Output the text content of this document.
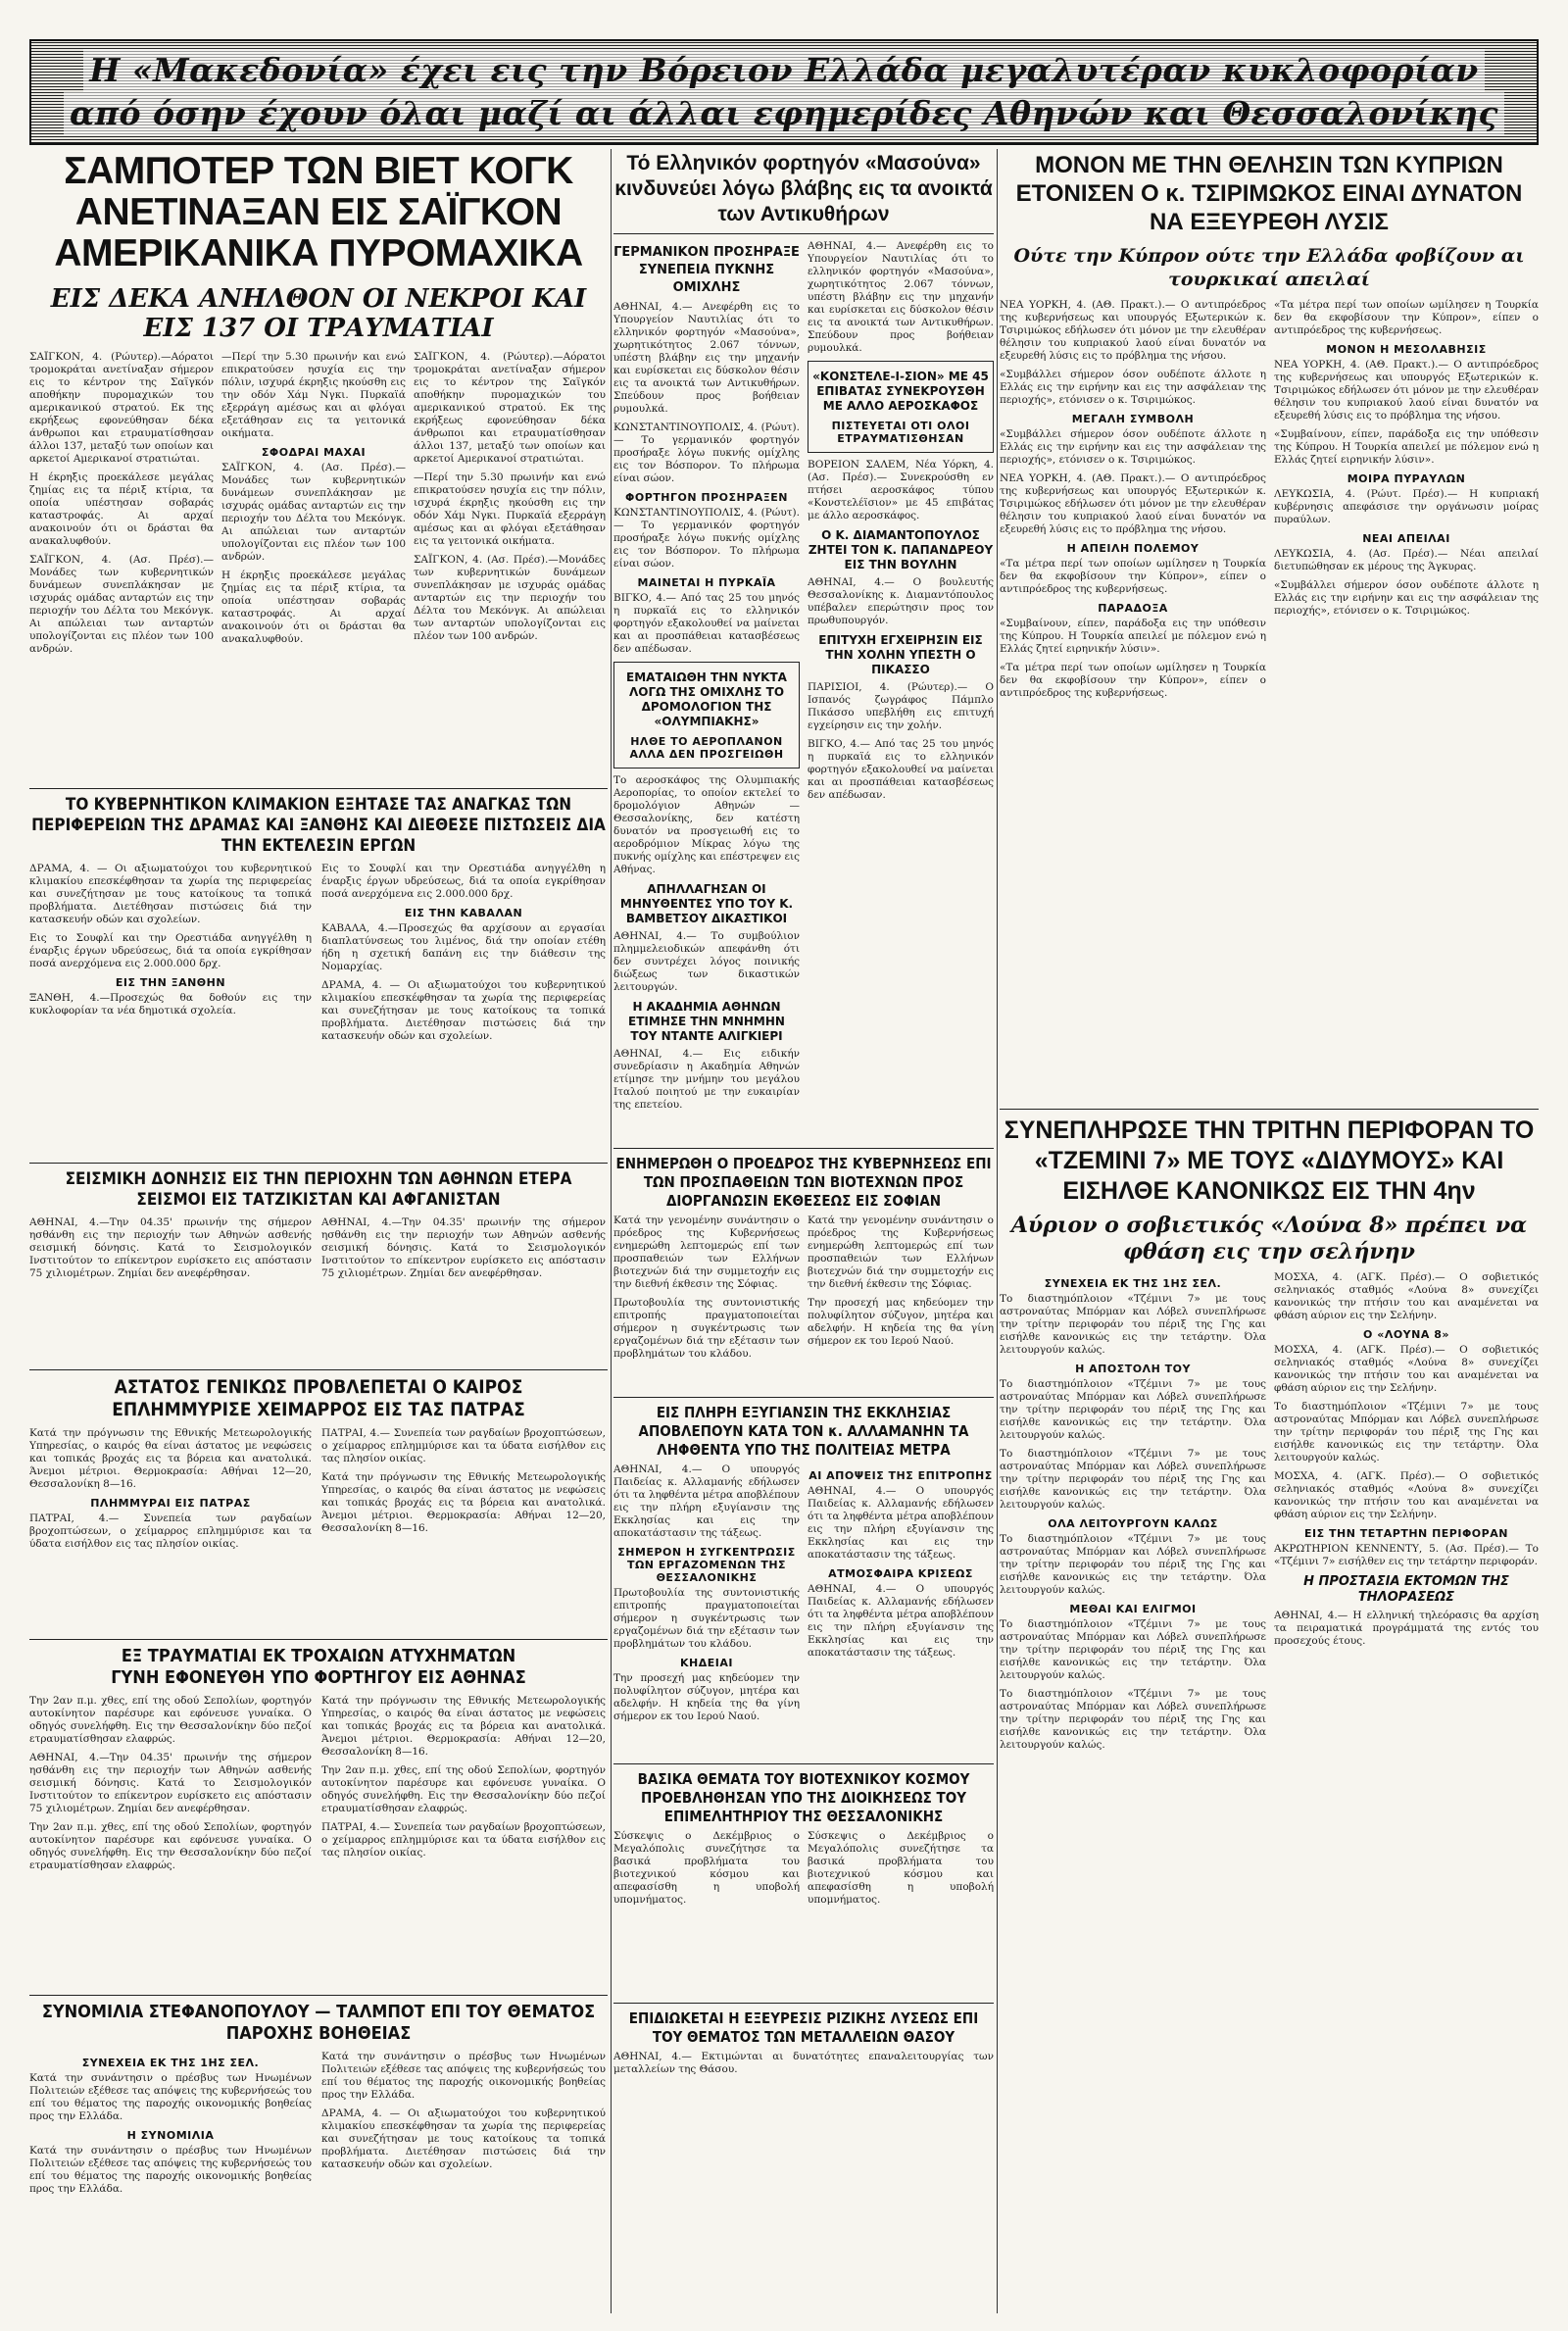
Η «Μακεδονία» έχει εις την Βόρειον Ελλάδα μεγαλυτέραν κυκλοφορίαν
από όσην έχουν όλαι μαζί αι άλλαι εφημερίδες Αθηνών και Θεσσαλονίκης
ΣΑΜΠΟΤΕΡ ΤΩΝ ΒΙΕΤ ΚΟΓΚ ΑΝΕΤΙΝΑΞΑΝ ΕΙΣ ΣΑΪΓΚΟΝ ΑΜΕΡΙΚΑΝΙΚΑ ΠΥΡΟΜΑΧΙΚΑ
ΕΙΣ ΔΕΚΑ ΑΝΗΛΘΟΝ ΟΙ ΝΕΚΡΟΙ ΚΑΙ ΕΙΣ 137 ΟΙ ΤΡΑΥΜΑΤΙΑΙ

ΣΑΪΓΚΟΝ, 4. (Ρώυτερ).—Αόρατοι τρομοκράται ανετίναξαν σήμερον εις το κέντρον της Σαϊγκόν αποθήκην πυρομαχικών του αμερικανικού στρατού. Εκ της εκρήξεως εφονεύθησαν δέκα άνθρωποι και ετραυματίσθησαν άλλοι 137, μεταξύ των οποίων και αρκετοί Αμερικανοί στρατιώται.

Η έκρηξις προεκάλεσε μεγάλας ζημίας εις τα πέριξ κτίρια, τα οποία υπέστησαν σοβαράς καταστροφάς. Αι αρχαί ανακοινούν ότι οι δράσται θα ανακαλυφθούν.

ΣΑΪΓΚΟΝ, 4. (Ασ. Πρέσ).—Μονάδες των κυβερνητικών δυνάμεων συνεπλάκησαν με ισχυράς ομάδας ανταρτών εις την περιοχήν του Δέλτα του Μεκόνγκ. Αι απώλειαι των ανταρτών υπολογίζονται εις πλέον των 100 ανδρών.

—Περί την 5.30 πρωινήν και ενώ επικρατούσεν ησυχία εις την πόλιν, ισχυρά έκρηξις ηκούσθη εις την οδόν Χάμ Νγκι. Πυρκαϊά εξερράγη αμέσως και αι φλόγαι εξετάθησαν εις τα γειτονικά οικήματα.

ΣΦΟΔΡΑΙ ΜΑΧΑΙ

ΣΑΪΓΚΟΝ, 4. (Ασ. Πρέσ).—Μονάδες των κυβερνητικών δυνάμεων συνεπλάκησαν με ισχυράς ομάδας ανταρτών εις την περιοχήν του Δέλτα του Μεκόνγκ. Αι απώλειαι των ανταρτών υπολογίζονται εις πλέον των 100 ανδρών.

Η έκρηξις προεκάλεσε μεγάλας ζημίας εις τα πέριξ κτίρια, τα οποία υπέστησαν σοβαράς καταστροφάς. Αι αρχαί ανακοινούν ότι οι δράσται θα ανακαλυφθούν.

ΣΑΪΓΚΟΝ, 4. (Ρώυτερ).—Αόρατοι τρομοκράται ανετίναξαν σήμερον εις το κέντρον της Σαϊγκόν αποθήκην πυρομαχικών του αμερικανικού στρατού. Εκ της εκρήξεως εφονεύθησαν δέκα άνθρωποι και ετραυματίσθησαν άλλοι 137, μεταξύ των οποίων και αρκετοί Αμερικανοί στρατιώται.

—Περί την 5.30 πρωινήν και ενώ επικρατούσεν ησυχία εις την πόλιν, ισχυρά έκρηξις ηκούσθη εις την οδόν Χάμ Νγκι. Πυρκαϊά εξερράγη αμέσως και αι φλόγαι εξετάθησαν εις τα γειτονικά οικήματα.

ΣΑΪΓΚΟΝ, 4. (Ασ. Πρέσ).—Μονάδες των κυβερνητικών δυνάμεων συνεπλάκησαν με ισχυράς ομάδας ανταρτών εις την περιοχήν του Δέλτα του Μεκόνγκ. Αι απώλειαι των ανταρτών υπολογίζονται εις πλέον των 100 ανδρών.

ΤΟ ΚΥΒΕΡΝΗΤΙΚΟΝ ΚΛΙΜΑΚΙΟΝ ΕΞΗΤΑΣΕ ΤΑΣ ΑΝΑΓΚΑΣ ΤΩΝ ΠΕΡΙΦΕΡΕΙΩΝ ΤΗΣ ΔΡΑΜΑΣ ΚΑΙ ΞΑΝΘΗΣ ΚΑΙ ΔΙΕΘΕΣΕ ΠΙΣΤΩΣΕΙΣ ΔΙΑ ΤΗΝ ΕΚΤΕΛΕΣΙΝ ΕΡΓΩΝ

ΔΡΑΜΑ, 4. — Οι αξιωματούχοι του κυβερνητικού κλιμακίου επεσκέφθησαν τα χωρία της περιφερείας και συνεζήτησαν με τους κατοίκους τα τοπικά προβλήματα. Διετέθησαν πιστώσεις διά την κατασκευήν οδών και σχολείων.

Εις το Σουφλί και την Ορεστιάδα ανηγγέλθη η έναρξις έργων υδρεύσεως, διά τα οποία εγκρίθησαν ποσά ανερχόμενα εις 2.000.000 δρχ.

ΕΙΣ ΤΗΝ ΞΑΝΘΗΝ

ΞΑΝΘΗ, 4.—Προσεχώς θα δοθούν εις την κυκλοφορίαν τα νέα δημοτικά σχολεία.

Εις το Σουφλί και την Ορεστιάδα ανηγγέλθη η έναρξις έργων υδρεύσεως, διά τα οποία εγκρίθησαν ποσά ανερχόμενα εις 2.000.000 δρχ.

ΕΙΣ ΤΗΝ ΚΑΒΑΛΑΝ

ΚΑΒΑΛΑ, 4.—Προσεχώς θα αρχίσουν αι εργασίαι διαπλατύνσεως του λιμένος, διά την οποίαν ετέθη ήδη η σχετική δαπάνη εις την διάθεσιν της Νομαρχίας.

ΔΡΑΜΑ, 4. — Οι αξιωματούχοι του κυβερνητικού κλιμακίου επεσκέφθησαν τα χωρία της περιφερείας και συνεζήτησαν με τους κατοίκους τα τοπικά προβλήματα. Διετέθησαν πιστώσεις διά την κατασκευήν οδών και σχολείων.

ΣΕΙΣΜΙΚΗ ΔΟΝΗΣΙΣ ΕΙΣ ΤΗΝ ΠΕΡΙΟΧΗΝ ΤΩΝ ΑΘΗΝΩΝ ΕΤΕΡΑ ΣΕΙΣΜΟΙ ΕΙΣ ΤΑΤΖΙΚΙΣΤΑΝ ΚΑΙ ΑΦΓΑΝΙΣΤΑΝ

ΑΘΗΝΑΙ, 4.—Την 04.35' πρωινήν της σήμερον ησθάνθη εις την περιοχήν των Αθηνών ασθενής σεισμική δόνησις. Κατά το Σεισμολογικόν Ινστιτούτον το επίκεντρον ευρίσκετο εις απόστασιν 75 χιλιομέτρων. Ζημίαι δεν ανεφέρθησαν.

ΑΘΗΝΑΙ, 4.—Την 04.35' πρωινήν της σήμερον ησθάνθη εις την περιοχήν των Αθηνών ασθενής σεισμική δόνησις. Κατά το Σεισμολογικόν Ινστιτούτον το επίκεντρον ευρίσκετο εις απόστασιν 75 χιλιομέτρων. Ζημίαι δεν ανεφέρθησαν.

ΑΣΤΑΤΟΣ ΓΕΝΙΚΩΣ ΠΡΟΒΛΕΠΕΤΑΙ Ο ΚΑΙΡΟΣ
ΕΠΛΗΜΜΥΡΙΣΕ ΧΕΙΜΑΡΡΟΣ ΕΙΣ ΤΑΣ ΠΑΤΡΑΣ

Κατά την πρόγνωσιν της Εθνικής Μετεωρολογικής Υπηρεσίας, ο καιρός θα είναι άστατος με νεφώσεις και τοπικάς βροχάς εις τα βόρεια και ανατολικά. Άνεμοι μέτριοι. Θερμοκρασία: Αθήναι 12—20, Θεσσαλονίκη 8—16.

ΠΛΗΜΜΥΡΑΙ ΕΙΣ ΠΑΤΡΑΣ

ΠΑΤΡΑΙ, 4.— Συνεπεία των ραγδαίων βροχοπτώσεων, ο χείμαρρος επλημμύρισε και τα ύδατα εισήλθον εις τας πλησίον οικίας.

ΠΑΤΡΑΙ, 4.— Συνεπεία των ραγδαίων βροχοπτώσεων, ο χείμαρρος επλημμύρισε και τα ύδατα εισήλθον εις τας πλησίον οικίας.

Κατά την πρόγνωσιν της Εθνικής Μετεωρολογικής Υπηρεσίας, ο καιρός θα είναι άστατος με νεφώσεις και τοπικάς βροχάς εις τα βόρεια και ανατολικά. Άνεμοι μέτριοι. Θερμοκρασία: Αθήναι 12—20, Θεσσαλονίκη 8—16.

ΕΞ ΤΡΑΥΜΑΤΙΑΙ ΕΚ ΤΡΟΧΑΙΩΝ ΑΤΥΧΗΜΑΤΩΝ
ΓΥΝΗ ΕΦΟΝΕΥΘΗ ΥΠΟ ΦΟΡΤΗΓΟΥ ΕΙΣ ΑΘΗΝΑΣ

Την 2αν π.μ. χθες, επί της οδού Σεπολίων, φορτηγόν αυτοκίνητον παρέσυρε και εφόνευσε γυναίκα. Ο οδηγός συνελήφθη. Εις την Θεσσαλονίκην δύο πεζοί ετραυματίσθησαν ελαφρώς.

ΑΘΗΝΑΙ, 4.—Την 04.35' πρωινήν της σήμερον ησθάνθη εις την περιοχήν των Αθηνών ασθενής σεισμική δόνησις. Κατά το Σεισμολογικόν Ινστιτούτον το επίκεντρον ευρίσκετο εις απόστασιν 75 χιλιομέτρων. Ζημίαι δεν ανεφέρθησαν.

Την 2αν π.μ. χθες, επί της οδού Σεπολίων, φορτηγόν αυτοκίνητον παρέσυρε και εφόνευσε γυναίκα. Ο οδηγός συνελήφθη. Εις την Θεσσαλονίκην δύο πεζοί ετραυματίσθησαν ελαφρώς.

Κατά την πρόγνωσιν της Εθνικής Μετεωρολογικής Υπηρεσίας, ο καιρός θα είναι άστατος με νεφώσεις και τοπικάς βροχάς εις τα βόρεια και ανατολικά. Άνεμοι μέτριοι. Θερμοκρασία: Αθήναι 12—20, Θεσσαλονίκη 8—16.

Την 2αν π.μ. χθες, επί της οδού Σεπολίων, φορτηγόν αυτοκίνητον παρέσυρε και εφόνευσε γυναίκα. Ο οδηγός συνελήφθη. Εις την Θεσσαλονίκην δύο πεζοί ετραυματίσθησαν ελαφρώς.

ΠΑΤΡΑΙ, 4.— Συνεπεία των ραγδαίων βροχοπτώσεων, ο χείμαρρος επλημμύρισε και τα ύδατα εισήλθον εις τας πλησίον οικίας.

ΣΥΝΟΜΙΛΙΑ ΣΤΕΦΑΝΟΠΟΥΛΟΥ — ΤΑΛΜΠΟΤ ΕΠΙ ΤΟΥ ΘΕΜΑΤΟΣ ΠΑΡΟΧΗΣ ΒΟΗΘΕΙΑΣ
ΣΥΝΕΧΕΙΑ ΕΚ ΤΗΣ 1ΗΣ ΣΕΛ.

Κατά την συνάντησιν ο πρέσβυς των Ηνωμένων Πολιτειών εξέθεσε τας απόψεις της κυβερνήσεώς του επί του θέματος της παροχής οικονομικής βοηθείας προς την Ελλάδα.

Η ΣΥΝΟΜΙΛΙΑ

Κατά την συνάντησιν ο πρέσβυς των Ηνωμένων Πολιτειών εξέθεσε τας απόψεις της κυβερνήσεώς του επί του θέματος της παροχής οικονομικής βοηθείας προς την Ελλάδα.

Κατά την συνάντησιν ο πρέσβυς των Ηνωμένων Πολιτειών εξέθεσε τας απόψεις της κυβερνήσεώς του επί του θέματος της παροχής οικονομικής βοηθείας προς την Ελλάδα.

ΔΡΑΜΑ, 4. — Οι αξιωματούχοι του κυβερνητικού κλιμακίου επεσκέφθησαν τα χωρία της περιφερείας και συνεζήτησαν με τους κατοίκους τα τοπικά προβλήματα. Διετέθησαν πιστώσεις διά την κατασκευήν οδών και σχολείων.

Τό Ελληνικόν φορτηγόν «Μασούνα» κινδυνεύει λόγω βλάβης εις τα ανοικτά των Αντικυθήρων
ΓΕΡΜΑΝΙΚΟΝ ΠΡΟΣΗΡΑΞΕ ΣΥΝΕΠΕΙΑ ΠΥΚΝΗΣ ΟΜΙΧΛΗΣ

ΑΘΗΝΑΙ, 4.— Ανεφέρθη εις το Υπουργείον Ναυτιλίας ότι το ελληνικόν φορτηγόν «Μασούνα», χωρητικότητος 2.067 τόννων, υπέστη βλάβην εις την μηχανήν και ευρίσκεται εις δύσκολον θέσιν εις τα ανοικτά των Αντικυθήρων. Σπεύδουν προς βοήθειαν ρυμουλκά.

ΚΩΝΣΤΑΝΤΙΝΟΥΠΟΛΙΣ, 4. (Ρώυτ).— Το γερμανικόν φορτηγόν προσήραξε λόγω πυκνής ομίχλης εις τον Βόσπορον. Το πλήρωμα είναι σώον.

ΦΟΡΤΗΓΟΝ ΠΡΟΣΗΡΑΞΕΝ

ΚΩΝΣΤΑΝΤΙΝΟΥΠΟΛΙΣ, 4. (Ρώυτ).— Το γερμανικόν φορτηγόν προσήραξε λόγω πυκνής ομίχλης εις τον Βόσπορον. Το πλήρωμα είναι σώον.

ΜΑΙΝΕΤΑΙ Η ΠΥΡΚΑΪΑ

ΒΙΓΚΟ, 4.— Από τας 25 του μηνός η πυρκαϊά εις το ελληνικόν φορτηγόν εξακολουθεί να μαίνεται και αι προσπάθειαι κατασβέσεως δεν απέδωσαν.

ΕΜΑΤΑΙΩΘΗ ΤΗΝ ΝΥΚΤΑ ΛΟΓΩ ΤΗΣ ΟΜΙΧΛΗΣ ΤΟ ΔΡΟΜΟΛΟΓΙΟΝ ΤΗΣ «ΟΛΥΜΠΙΑΚΗΣ»
ΗΛΘΕ ΤΟ ΑΕΡΟΠΛΑΝΟΝ ΑΛΛΑ ΔΕΝ ΠΡΟΣΓΕΙΩΘΗ

Το αεροσκάφος της Ολυμπιακής Αεροπορίας, το οποίον εκτελεί το δρομολόγιον Αθηνών — Θεσσαλονίκης, δεν κατέστη δυνατόν να προσγειωθή εις το αεροδρόμιον Μίκρας λόγω της πυκνής ομίχλης και επέστρεψεν εις Αθήνας.

ΑΠΗΛΛΑΓΗΣΑΝ ΟΙ ΜΗΝΥΘΕΝΤΕΣ ΥΠΟ ΤΟΥ Κ. ΒΑΜΒΕΤΣΟΥ ΔΙΚΑΣΤΙΚΟΙ

ΑΘΗΝΑΙ, 4.— Το συμβούλιον πλημμελειοδικών απεφάνθη ότι δεν συντρέχει λόγος ποινικής διώξεως των δικαστικών λειτουργών.

Η ΑΚΑΔΗΜΙΑ ΑΘΗΝΩΝ ΕΤΙΜΗΣΕ ΤΗΝ ΜΝΗΜΗΝ ΤΟΥ ΝΤΑΝΤΕ ΑΛΙΓΚΙΕΡΙ

ΑΘΗΝΑΙ, 4.— Εις ειδικήν συνεδρίασιν η Ακαδημία Αθηνών ετίμησε την μνήμην του μεγάλου Ιταλού ποιητού με την ευκαιρίαν της επετείου.

ΑΘΗΝΑΙ, 4.— Ανεφέρθη εις το Υπουργείον Ναυτιλίας ότι το ελληνικόν φορτηγόν «Μασούνα», χωρητικότητος 2.067 τόννων, υπέστη βλάβην εις την μηχανήν και ευρίσκεται εις δύσκολον θέσιν εις τα ανοικτά των Αντικυθήρων. Σπεύδουν προς βοήθειαν ρυμουλκά.

«ΚΟΝΣΤΕΛΕ-Ι-ΣΙΟΝ» ΜΕ 45 ΕΠΙΒΑΤΑΣ ΣΥΝΕΚΡΟΥΣΘΗ ΜΕ ΑΛΛΟ ΑΕΡΟΣΚΑΦΟΣ
ΠΙΣΤΕΥΕΤΑΙ ΟΤΙ ΟΛΟΙ ΕΤΡΑΥΜΑΤΙΣΘΗΣΑΝ

ΒΟΡΕΙΟΝ ΣΑΛΕΜ, Νέα Υόρκη, 4. (Ασ. Πρέσ).— Συνεκρούσθη εν πτήσει αεροσκάφος τύπου «Κονστελέϊσιον» με 45 επιβάτας με άλλο αεροσκάφος.

Ο Κ. ΔΙΑΜΑΝΤΟΠΟΥΛΟΣ ΖΗΤΕΙ ΤΟΝ Κ. ΠΑΠΑΝΔΡΕΟΥ ΕΙΣ ΤΗΝ ΒΟΥΛΗΝ

ΑΘΗΝΑΙ, 4.— Ο βουλευτής Θεσσαλονίκης κ. Διαμαντόπουλος υπέβαλεν επερώτησιν προς τον πρωθυπουργόν.

ΕΠΙΤΥΧΗ ΕΓΧΕΙΡΗΣΙΝ ΕΙΣ ΤΗΝ ΧΟΛΗΝ ΥΠΕΣΤΗ Ο ΠΙΚΑΣΣΟ

ΠΑΡΙΣΙΟΙ, 4. (Ρώυτερ).— Ο Ισπανός ζωγράφος Πάμπλο Πικάσσο υπεβλήθη εις επιτυχή εγχείρησιν εις την χολήν.

ΒΙΓΚΟ, 4.— Από τας 25 του μηνός η πυρκαϊά εις το ελληνικόν φορτηγόν εξακολουθεί να μαίνεται και αι προσπάθειαι κατασβέσεως δεν απέδωσαν.

ΕΝΗΜΕΡΩΘΗ Ο ΠΡΟΕΔΡΟΣ ΤΗΣ ΚΥΒΕΡΝΗΣΕΩΣ ΕΠΙ ΤΩΝ ΠΡΟΣΠΑΘΕΙΩΝ ΤΩΝ ΒΙΟΤΕΧΝΩΝ ΠΡΟΣ ΔΙΟΡΓΑΝΩΣΙΝ ΕΚΘΕΣΕΩΣ ΕΙΣ ΣΟΦΙΑΝ

Κατά την γενομένην συνάντησιν ο πρόεδρος της Κυβερνήσεως ενημερώθη λεπτομερώς επί των προσπαθειών των Ελλήνων βιοτεχνών διά την συμμετοχήν εις την διεθνή έκθεσιν της Σόφιας.

Πρωτοβουλία της συντονιστικής επιτροπής πραγματοποιείται σήμερον η συγκέντρωσις των εργαζομένων διά την εξέτασιν των προβλημάτων του κλάδου.

Κατά την γενομένην συνάντησιν ο πρόεδρος της Κυβερνήσεως ενημερώθη λεπτομερώς επί των προσπαθειών των Ελλήνων βιοτεχνών διά την συμμετοχήν εις την διεθνή έκθεσιν της Σόφιας.

Την προσεχή μας κηδεύομεν την πολυφίλητον σύζυγον, μητέρα και αδελφήν. Η κηδεία της θα γίνη σήμερον εκ του Ιερού Ναού.

ΕΙΣ ΠΛΗΡΗ ΕΞΥΓΙΑΝΣΙΝ ΤΗΣ ΕΚΚΛΗΣΙΑΣ ΑΠΟΒΛΕΠΟΥΝ ΚΑΤΑ ΤΟΝ κ. ΑΛΛΑΜΑΝΗΝ ΤΑ ΛΗΦΘΕΝΤΑ ΥΠΟ ΤΗΣ ΠΟΛΙΤΕΙΑΣ ΜΕΤΡΑ

ΑΘΗΝΑΙ, 4.— Ο υπουργός Παιδείας κ. Αλλαμανής εδήλωσεν ότι τα ληφθέντα μέτρα αποβλέπουν εις την πλήρη εξυγίανσιν της Εκκλησίας και εις την αποκατάστασιν της τάξεως.

ΣΗΜΕΡΟΝ Η ΣΥΓΚΕΝΤΡΩΣΙΣ ΤΩΝ ΕΡΓΑΖΟΜΕΝΩΝ ΤΗΣ ΘΕΣΣΑΛΟΝΙΚΗΣ

Πρωτοβουλία της συντονιστικής επιτροπής πραγματοποιείται σήμερον η συγκέντρωσις των εργαζομένων διά την εξέτασιν των προβλημάτων του κλάδου.

ΚΗΔΕΙΑΙ

Την προσεχή μας κηδεύομεν την πολυφίλητον σύζυγον, μητέρα και αδελφήν. Η κηδεία της θα γίνη σήμερον εκ του Ιερού Ναού.

ΑΙ ΑΠΟΨΕΙΣ ΤΗΣ ΕΠΙΤΡΟΠΗΣ

ΑΘΗΝΑΙ, 4.— Ο υπουργός Παιδείας κ. Αλλαμανής εδήλωσεν ότι τα ληφθέντα μέτρα αποβλέπουν εις την πλήρη εξυγίανσιν της Εκκλησίας και εις την αποκατάστασιν της τάξεως.

ΑΤΜΟΣΦΑΙΡΑ ΚΡΙΣΕΩΣ

ΑΘΗΝΑΙ, 4.— Ο υπουργός Παιδείας κ. Αλλαμανής εδήλωσεν ότι τα ληφθέντα μέτρα αποβλέπουν εις την πλήρη εξυγίανσιν της Εκκλησίας και εις την αποκατάστασιν της τάξεως.

ΒΑΣΙΚΑ ΘΕΜΑΤΑ ΤΟΥ ΒΙΟΤΕΧΝΙΚΟΥ ΚΟΣΜΟΥ ΠΡΟΕΒΛΗΘΗΣΑΝ ΥΠΟ ΤΗΣ ΔΙΟΙΚΗΣΕΩΣ ΤΟΥ ΕΠΙΜΕΛΗΤΗΡΙΟΥ ΤΗΣ ΘΕΣΣΑΛΟΝΙΚΗΣ

Σύσκεψις ο Δεκέμβριος ο Μεγαλόπολις συνεζήτησε τα βασικά προβλήματα του βιοτεχνικού κόσμου και απεφασίσθη η υποβολή υπομνήματος.

Σύσκεψις ο Δεκέμβριος ο Μεγαλόπολις συνεζήτησε τα βασικά προβλήματα του βιοτεχνικού κόσμου και απεφασίσθη η υποβολή υπομνήματος.

ΕΠΙΔΙΩΚΕΤΑΙ Η ΕΞΕΥΡΕΣΙΣ ΡΙΖΙΚΗΣ ΛΥΣΕΩΣ ΕΠΙ ΤΟΥ ΘΕΜΑΤΟΣ ΤΩΝ ΜΕΤΑΛΛΕΙΩΝ ΘΑΣΟΥ

ΑΘΗΝΑΙ, 4.— Εκτιμώνται αι δυνατότητες επαναλειτουργίας των μεταλλείων της Θάσου.

ΜΟΝΟΝ ΜΕ ΤΗΝ ΘΕΛΗΣΙΝ ΤΩΝ ΚΥΠΡΙΩΝ ΕΤΟΝΙΣΕΝ Ο κ. ΤΣΙΡΙΜΩΚΟΣ ΕΙΝΑΙ ΔΥΝΑΤΟΝ ΝΑ ΕΞΕΥΡΕΘΗ ΛΥΣΙΣ
Ούτε την Κύπρον ούτε την Ελλάδα φοβίζουν αι τουρκικαί απειλαί

ΝΕΑ ΥΟΡΚΗ, 4. (ΑΘ. Πρακτ.).— Ο αντιπρόεδρος της κυβερνήσεως και υπουργός Εξωτερικών κ. Τσιριμώκος εδήλωσεν ότι μόνον με την ελευθέραν θέλησιν του κυπριακού λαού είναι δυνατόν να εξευρεθή λύσις εις το πρόβλημα της νήσου.

«Συμβάλλει σήμερον όσον ουδέποτε άλλοτε η Ελλάς εις την ειρήνην και εις την ασφάλειαν της περιοχής», ετόνισεν ο κ. Τσιριμώκος.

ΜΕΓΑΛΗ ΣΥΜΒΟΛΗ

«Συμβάλλει σήμερον όσον ουδέποτε άλλοτε η Ελλάς εις την ειρήνην και εις την ασφάλειαν της περιοχής», ετόνισεν ο κ. Τσιριμώκος.

ΝΕΑ ΥΟΡΚΗ, 4. (ΑΘ. Πρακτ.).— Ο αντιπρόεδρος της κυβερνήσεως και υπουργός Εξωτερικών κ. Τσιριμώκος εδήλωσεν ότι μόνον με την ελευθέραν θέλησιν του κυπριακού λαού είναι δυνατόν να εξευρεθή λύσις εις το πρόβλημα της νήσου.

Η ΑΠΕΙΛΗ ΠΟΛΕΜΟΥ

«Τα μέτρα περί των οποίων ωμίλησεν η Τουρκία δεν θα εκφοβίσουν την Κύπρον», είπεν ο αντιπρόεδρος της κυβερνήσεως.

ΠΑΡΑΔΟΞΑ

«Συμβαίνουν, είπεν, παράδοξα εις την υπόθεσιν της Κύπρου. Η Τουρκία απειλεί με πόλεμον ενώ η Ελλάς ζητεί ειρηνικήν λύσιν».

«Τα μέτρα περί των οποίων ωμίλησεν η Τουρκία δεν θα εκφοβίσουν την Κύπρον», είπεν ο αντιπρόεδρος της κυβερνήσεως.

«Τα μέτρα περί των οποίων ωμίλησεν η Τουρκία δεν θα εκφοβίσουν την Κύπρον», είπεν ο αντιπρόεδρος της κυβερνήσεως.

ΜΟΝΟΝ Η ΜΕΣΟΛΑΒΗΣΙΣ

ΝΕΑ ΥΟΡΚΗ, 4. (ΑΘ. Πρακτ.).— Ο αντιπρόεδρος της κυβερνήσεως και υπουργός Εξωτερικών κ. Τσιριμώκος εδήλωσεν ότι μόνον με την ελευθέραν θέλησιν του κυπριακού λαού είναι δυνατόν να εξευρεθή λύσις εις το πρόβλημα της νήσου.

«Συμβαίνουν, είπεν, παράδοξα εις την υπόθεσιν της Κύπρου. Η Τουρκία απειλεί με πόλεμον ενώ η Ελλάς ζητεί ειρηνικήν λύσιν».

ΜΟΙΡΑ ΠΥΡΑΥΛΩΝ

ΛΕΥΚΩΣΙΑ, 4. (Ρώυτ. Πρέσ).— Η κυπριακή κυβέρνησις απεφάσισε την οργάνωσιν μοίρας πυραύλων.

ΝΕΑΙ ΑΠΕΙΛΑΙ

ΛΕΥΚΩΣΙΑ, 4. (Ασ. Πρέσ).— Νέαι απειλαί διετυπώθησαν εκ μέρους της Άγκυρας.

«Συμβάλλει σήμερον όσον ουδέποτε άλλοτε η Ελλάς εις την ειρήνην και εις την ασφάλειαν της περιοχής», ετόνισεν ο κ. Τσιριμώκος.

ΣΥΝΕΠΛΗΡΩΣΕ ΤΗΝ ΤΡΙΤΗΝ ΠΕΡΙΦΟΡΑΝ ΤΟ «ΤΖΕΜΙΝΙ 7» ΜΕ ΤΟΥΣ «ΔΙΔΥΜΟΥΣ» ΚΑΙ ΕΙΣΗΛΘΕ ΚΑΝΟΝΙΚΩΣ ΕΙΣ ΤΗΝ 4ην
Αύριον ο σοβιετικός «Λούνα 8» πρέπει να φθάση εις την σελήνην
ΣΥΝΕΧΕΙΑ ΕΚ ΤΗΣ 1ΗΣ ΣΕΛ.

Το διαστημόπλοιον «Τζέμινι 7» με τους αστροναύτας Μπόρμαν και Λόβελ συνεπλήρωσε την τρίτην περιφοράν του πέριξ της Γης και εισήλθε κανονικώς εις την τετάρτην. Όλα λειτουργούν καλώς.

Η ΑΠΟΣΤΟΛΗ ΤΟΥ

Το διαστημόπλοιον «Τζέμινι 7» με τους αστροναύτας Μπόρμαν και Λόβελ συνεπλήρωσε την τρίτην περιφοράν του πέριξ της Γης και εισήλθε κανονικώς εις την τετάρτην. Όλα λειτουργούν καλώς.

Το διαστημόπλοιον «Τζέμινι 7» με τους αστροναύτας Μπόρμαν και Λόβελ συνεπλήρωσε την τρίτην περιφοράν του πέριξ της Γης και εισήλθε κανονικώς εις την τετάρτην. Όλα λειτουργούν καλώς.

ΟΛΑ ΛΕΙΤΟΥΡΓΟΥΝ ΚΑΛΩΣ

Το διαστημόπλοιον «Τζέμινι 7» με τους αστροναύτας Μπόρμαν και Λόβελ συνεπλήρωσε την τρίτην περιφοράν του πέριξ της Γης και εισήλθε κανονικώς εις την τετάρτην. Όλα λειτουργούν καλώς.

ΜΕΘΑΙ ΚΑΙ ΕΛΙΓΜΟΙ

Το διαστημόπλοιον «Τζέμινι 7» με τους αστροναύτας Μπόρμαν και Λόβελ συνεπλήρωσε την τρίτην περιφοράν του πέριξ της Γης και εισήλθε κανονικώς εις την τετάρτην. Όλα λειτουργούν καλώς.

Το διαστημόπλοιον «Τζέμινι 7» με τους αστροναύτας Μπόρμαν και Λόβελ συνεπλήρωσε την τρίτην περιφοράν του πέριξ της Γης και εισήλθε κανονικώς εις την τετάρτην. Όλα λειτουργούν καλώς.

ΜΟΣΧΑ, 4. (ΑΓΚ. Πρέσ).— Ο σοβιετικός σεληνιακός σταθμός «Λούνα 8» συνεχίζει κανονικώς την πτήσιν του και αναμένεται να φθάση αύριον εις την Σελήνην.

Ο «ΛΟΥΝΑ 8»

ΜΟΣΧΑ, 4. (ΑΓΚ. Πρέσ).— Ο σοβιετικός σεληνιακός σταθμός «Λούνα 8» συνεχίζει κανονικώς την πτήσιν του και αναμένεται να φθάση αύριον εις την Σελήνην.

Το διαστημόπλοιον «Τζέμινι 7» με τους αστροναύτας Μπόρμαν και Λόβελ συνεπλήρωσε την τρίτην περιφοράν του πέριξ της Γης και εισήλθε κανονικώς εις την τετάρτην. Όλα λειτουργούν καλώς.

ΜΟΣΧΑ, 4. (ΑΓΚ. Πρέσ).— Ο σοβιετικός σεληνιακός σταθμός «Λούνα 8» συνεχίζει κανονικώς την πτήσιν του και αναμένεται να φθάση αύριον εις την Σελήνην.

ΕΙΣ ΤΗΝ ΤΕΤΑΡΤΗΝ ΠΕΡΙΦΟΡΑΝ

ΑΚΡΩΤΗΡΙΟΝ ΚΕΝΝΕΝΤΥ, 5. (Ασ. Πρέσ).— Το «Τζέμινι 7» εισήλθεν εις την τετάρτην περιφοράν.

Η ΠΡΟΣΤΑΣΙΑ ΕΚΤΟΜΩΝ ΤΗΣ ΤΗΛΟΡΑΣΕΩΣ

ΑΘΗΝΑΙ, 4.— Η ελληνική τηλεόρασις θα αρχίση τα πειραματικά προγράμματά της εντός του προσεχούς έτους.
